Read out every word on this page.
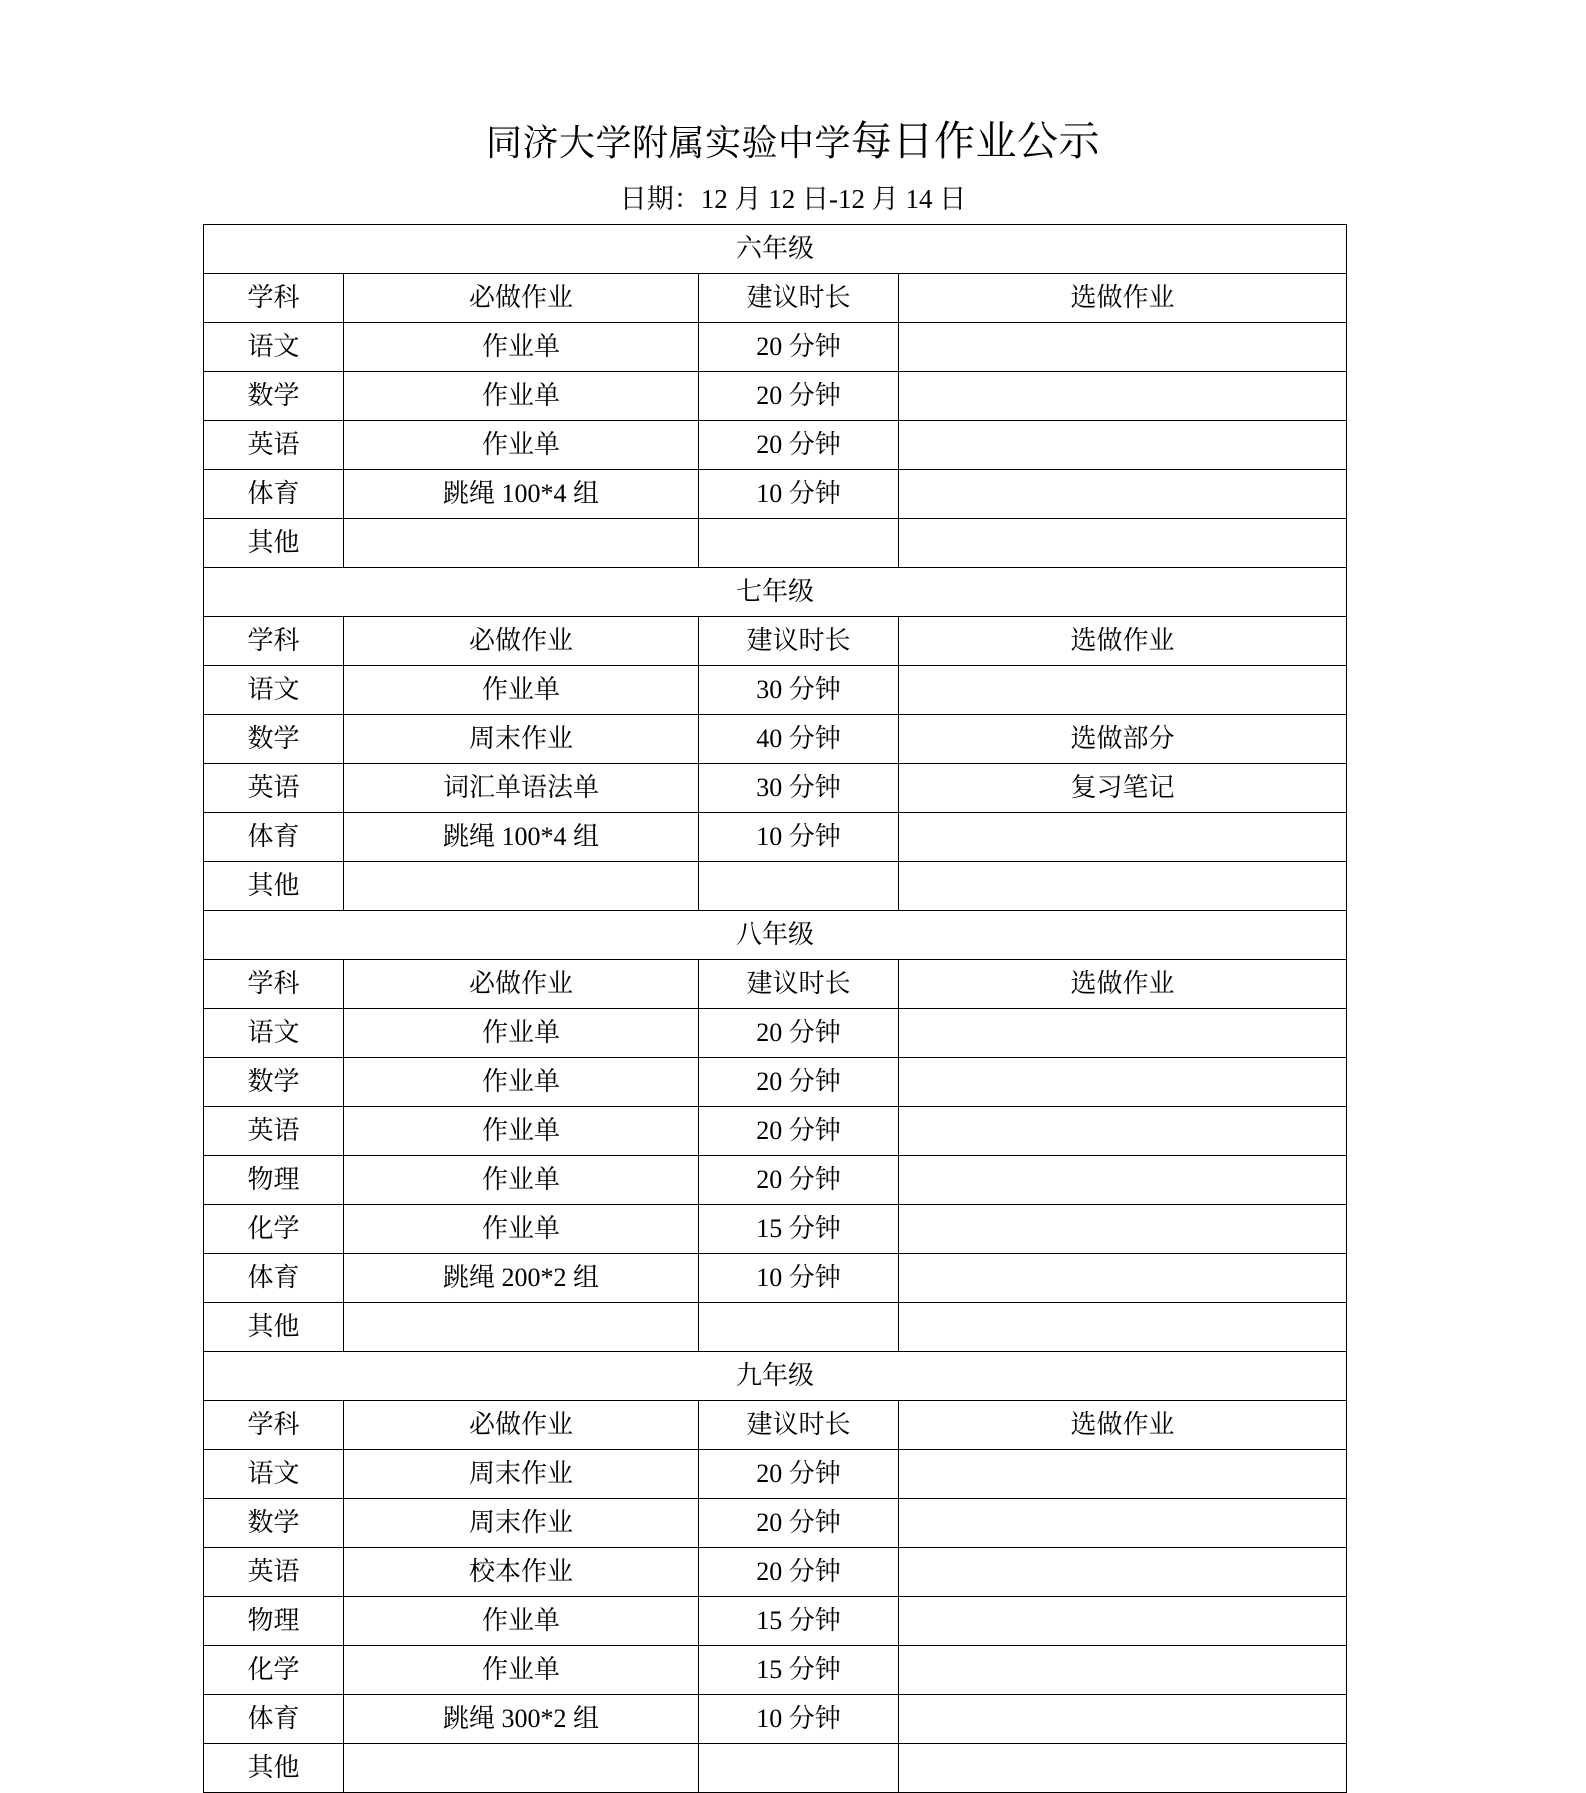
同济大学附属实验中学每日作业公示

日期：12 月 12 日-12 月 14 日

六年级			
学科	必做作业	建议时长	选做作业
语文	作业单	20 分钟	
数学	作业单	20 分钟	
英语	作业单	20 分钟	
体育	跳绳 100*4 组	10 分钟	
其他			
七年级			
学科	必做作业	建议时长	选做作业
语文	作业单	30 分钟	
数学	周末作业	40 分钟	选做部分
英语	词汇单语法单	30 分钟	复习笔记
体育	跳绳 100*4 组	10 分钟	
其他			
八年级			
学科	必做作业	建议时长	选做作业
语文	作业单	20 分钟	
数学	作业单	20 分钟	
英语	作业单	20 分钟	
物理	作业单	20 分钟	
化学	作业单	15 分钟	
体育	跳绳 200*2 组	10 分钟	
其他			
九年级			
学科	必做作业	建议时长	选做作业
语文	周末作业	20 分钟	
数学	周末作业	20 分钟	
英语	校本作业	20 分钟	
物理	作业单	15 分钟	
化学	作业单	15 分钟	
体育	跳绳 300*2 组	10 分钟	
其他			
